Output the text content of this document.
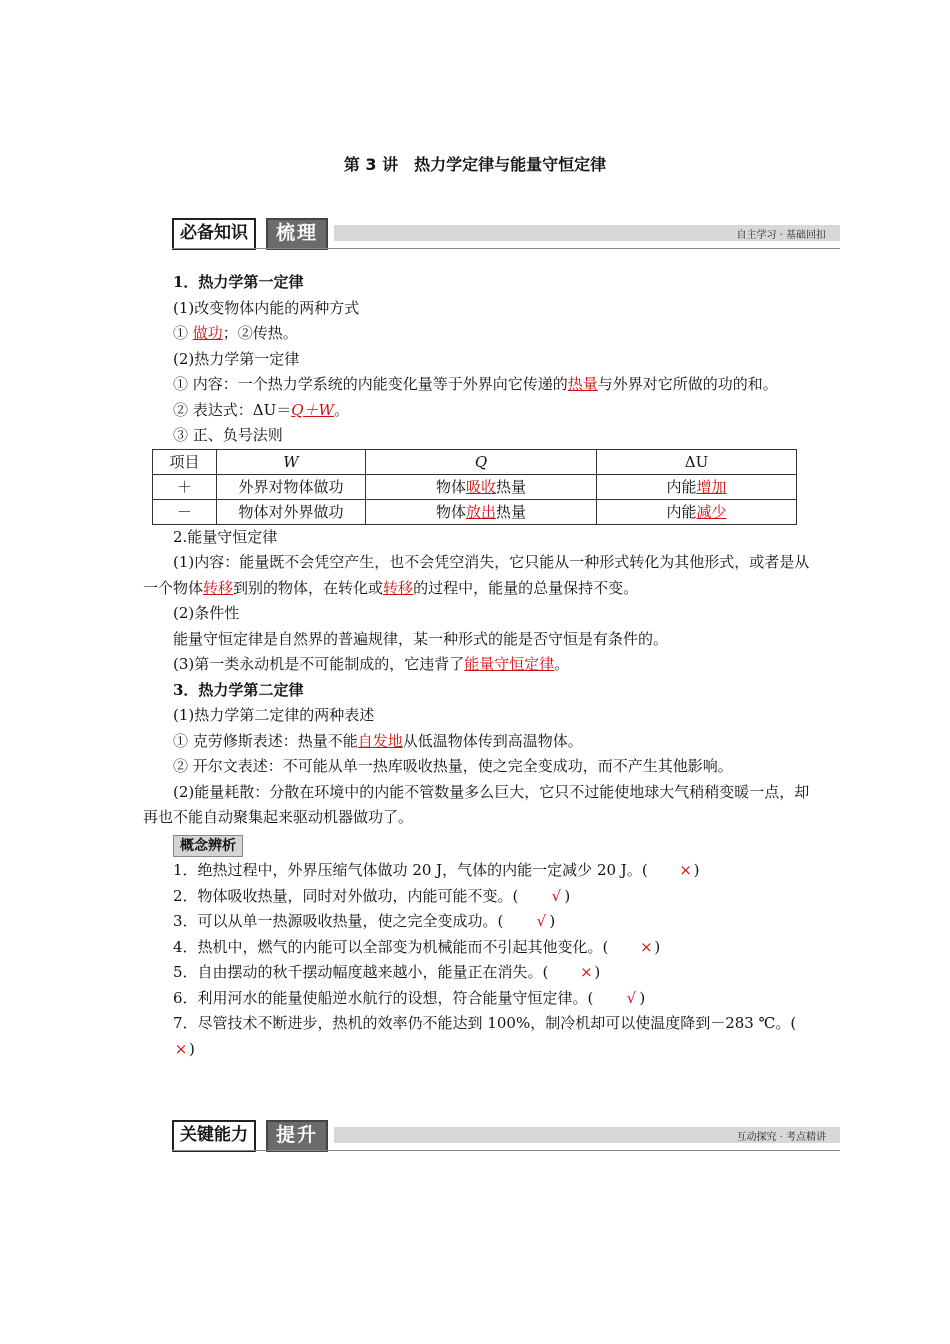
第 3 讲　热力学定律与能量守恒定律
必备知识	梳理	自主学习 · 基础回扣

1．热力学第一定律

(1)改变物体内能的两种方式

① 做功；②传热。

(2)热力学第一定律

① 内容：一个热力学系统的内能变化量等于外界向它传递的热量与外界对它所做的功的和。

② 表达式：ΔU＝Q＋W。

③ 正、负号法则

项目	W	Q	ΔU
＋	外界对物体做功	物体吸收热量	内能增加
－	物体对外界做功	物体放出热量	内能减少

2.能量守恒定律

(1)内容：能量既不会凭空产生，也不会凭空消失，它只能从一种形式转化为其他形式，或者是从一个物体转移到别的物体，在转化或转移的过程中，能量的总量保持不变。

(2)条件性

能量守恒定律是自然界的普遍规律，某一种形式的能是否守恒是有条件的。

(3)第一类永动机是不可能制成的，它违背了能量守恒定律。

3．热力学第二定律

(1)热力学第二定律的两种表述

① 克劳修斯表述：热量不能自发地从低温物体传到高温物体。

② 开尔文表述：不可能从单一热库吸收热量，使之完全变成功，而不产生其他影响。

(2)能量耗散：分散在环境中的内能不管数量多么巨大，它只不过能使地球大气稍稍变暖一点，却再也不能自动聚集起来驱动机器做功了。

概念辨析

1．绝热过程中，外界压缩气体做功 20 J，气体的内能一定减少 20 J。( × )

2．物体吸收热量，同时对外做功，内能可能不变。( √ )

3．可以从单一热源吸收热量，使之完全变成功。( √ )

4．热机中，燃气的内能可以全部变为机械能而不引起其他变化。( × )

5．自由摆动的秋千摆动幅度越来越小，能量正在消失。( × )

6．利用河水的能量使船逆水航行的设想，符合能量守恒定律。( √ )

7．尽管技术不断进步，热机的效率仍不能达到 100%，制冷机却可以使温度降到－283 ℃。(× )

关键能力	提升	互动探究 · 考点精讲
